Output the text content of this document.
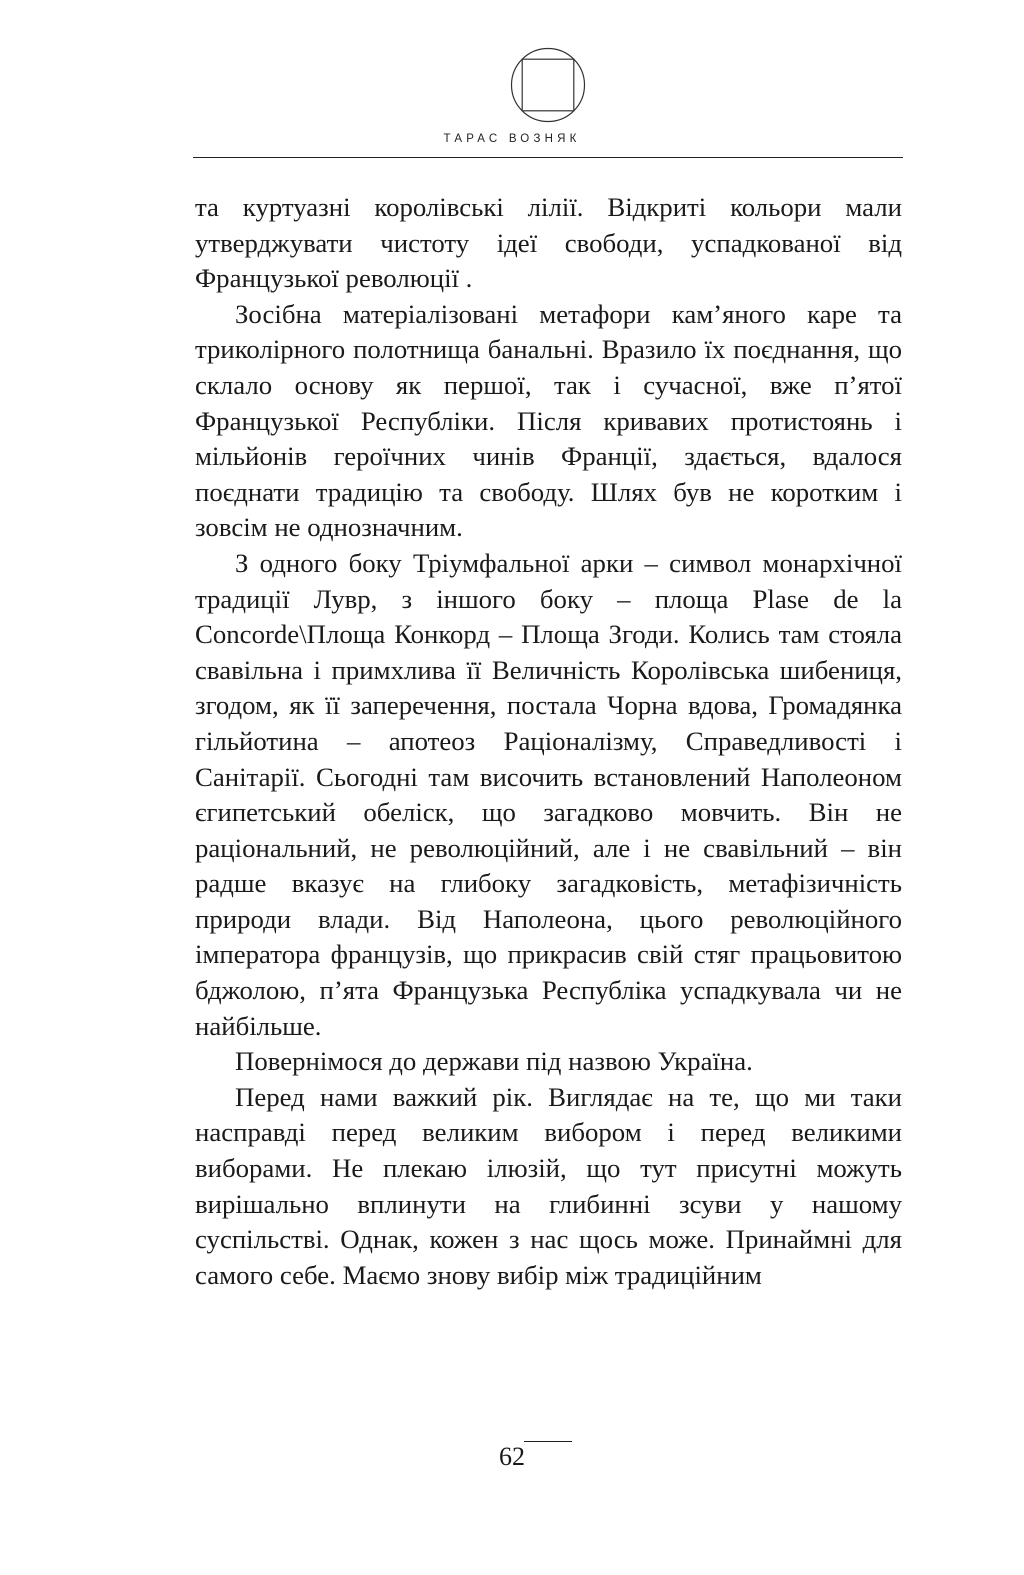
ТАРАС ВОЗНЯК

та куртуазні королівські лілії. Відкриті кольори мали утверджувати чистоту ідеї свободи, успадкованої від Французької революції .

Зосібна матеріалізовані метафори кам’яного каре та триколірного полотнища банальні. Вразило їх поєднання, що склало основу як першої, так і сучасної, вже п’ятої Французької Республіки. Після кривавих протистоянь і мільйонів героїчних чинів Франції, здається, вдалося поєднати традицію та свободу. Шлях був не коротким і зовсім не однозначним.

З одного боку Тріумфальної арки – символ монархічної традиції Лувр, з іншого боку – площа Plase de la Concorde\Площа Конкорд – Площа Згоди. Колись там стояла свавільна і примхлива її Величність Королівська шибениця, згодом, як її заперечення, постала Чорна вдова, Громадянка гільйотина – апотеоз Раціоналізму, Справедливості і Санітарії. Сьогодні там височить встановлений Наполеоном єгипетський обеліск, що загадково мовчить. Він не раціональний, не революційний, але і не свавільний – він радше вказує на глибоку загадковість, метафізичність природи влади. Від Наполеона, цього революційного імператора французів, що прикрасив свій стяг працьовитою бджолою, п’ята Французька Республіка успадкувала чи не найбільше.

Повернімося до держави під назвою Україна.

Перед нами важкий рік. Виглядає на те, що ми таки насправді перед великим вибором і перед великими виборами. Не плекаю ілюзій, що тут присутні можуть вирішально вплинути на глибинні зсуви у нашому суспільстві. Однак, кожен з нас щось може. Принаймні для самого себе. Маємо знову вибір між традиційним

62
